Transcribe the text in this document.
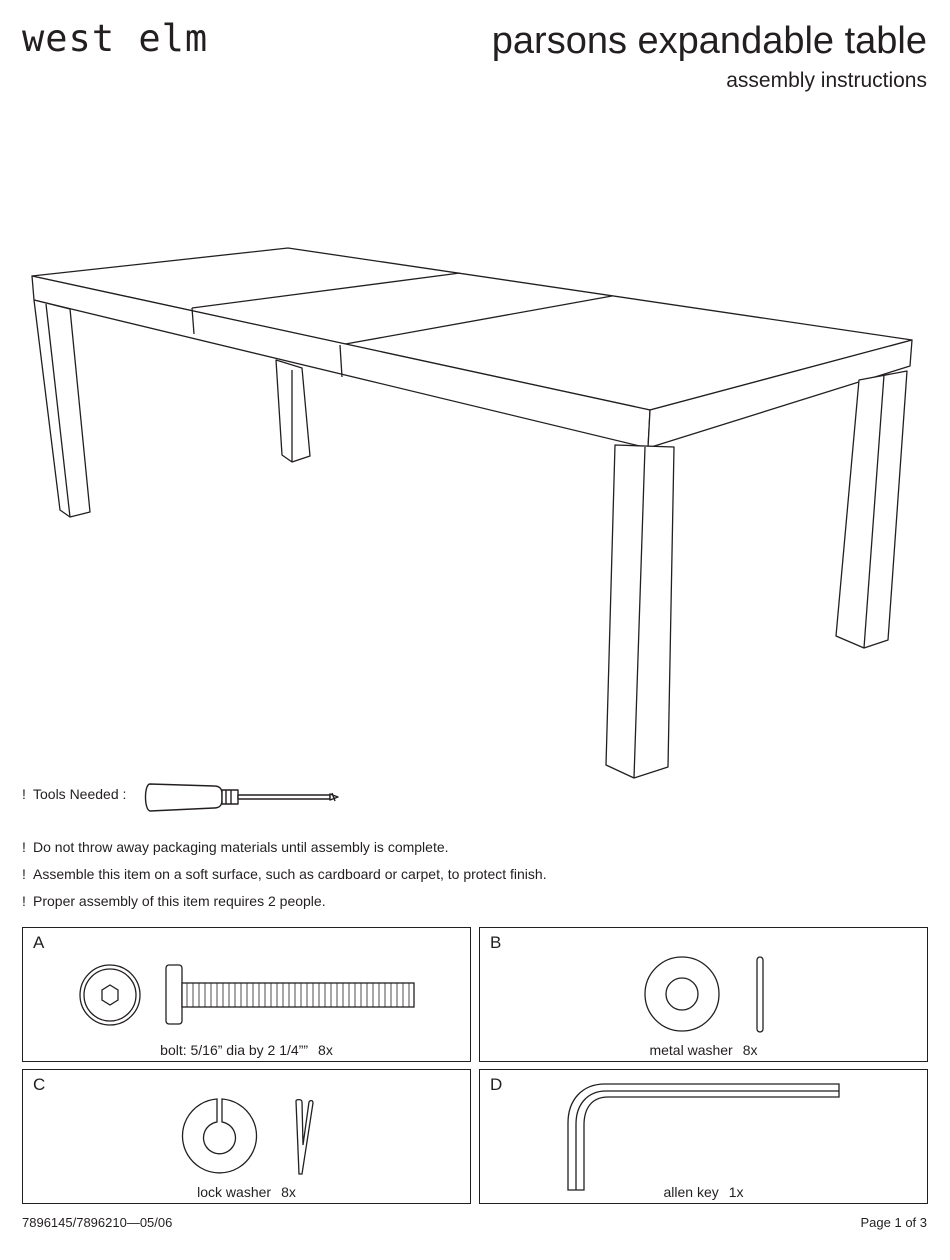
west elm	parsons expandable table
assembly instructions
! Tools Needed :
! Do not throw away packaging materials until assembly is complete.
! Assemble this item on a soft surface, such as cardboard or carpet, to protect finish.
! Proper assembly of this item requires 2 people.
A
bolt: 5/16” dia by 2 1/4”” 8x
B
metal washer 8x
C
lock washer 8x
D
allen key 1x
7896145/7896210—05/06	Page 1 of 3
